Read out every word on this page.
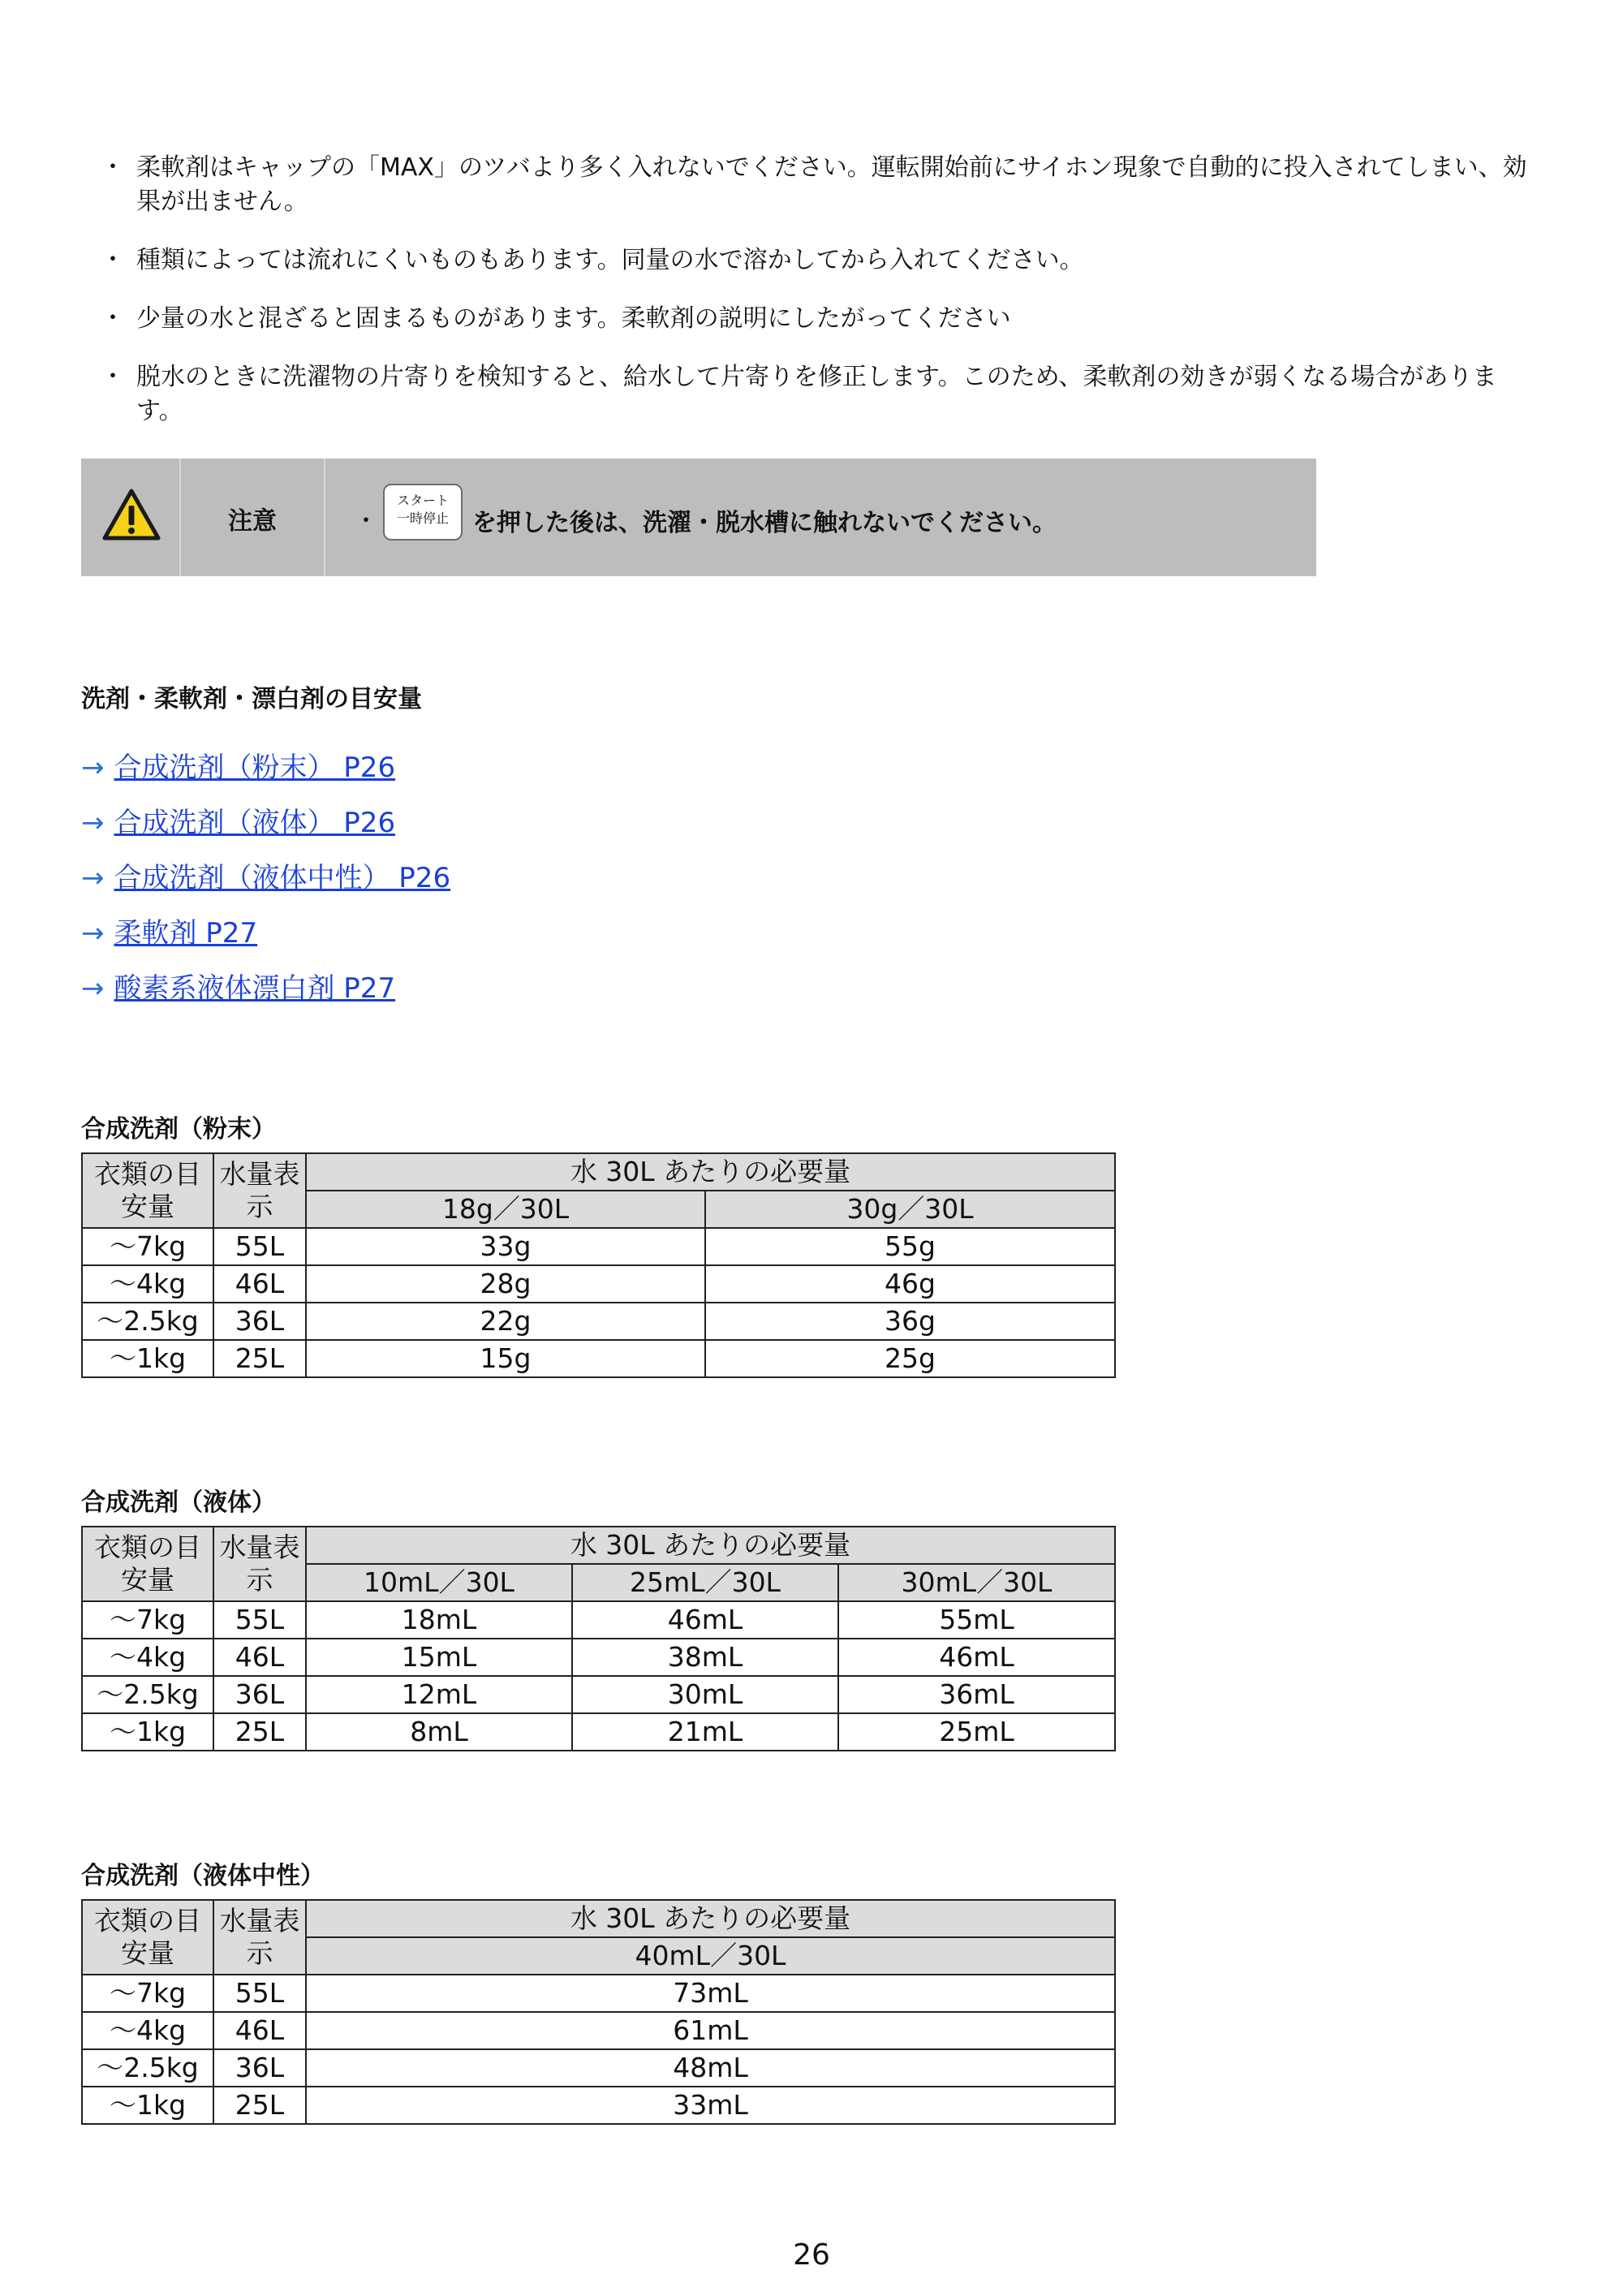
・ 柔軟剤はキャップの「MAX」のツバより多く入れないでください。運転開始前にサイホン現象で自動的に投入されてしまい、効果が出ません。
・ 種類によっては流れにくいものもあります。同量の水で溶かしてから入れてください。
・ 少量の水と混ざると固まるものがあります。柔軟剤の説明にしたがってください
・ 脱水のときに洗濯物の片寄りを検知すると、給水して片寄りを修正します。このため、柔軟剤の効きが弱くなる場合があります。
注意	・
スタート
一時停止 を押した後は、洗濯・脱水槽に触れないでください。
洗剤・柔軟剤・漂白剤の目安量
→ 合成洗剤（粉末） P26
→ 合成洗剤（液体） P26
→ 合成洗剤（液体中性） P26
→ 柔軟剤 P27
→ 酸素系液体漂白剤 P27
合成洗剤（粉末）
衣類の目安量	水量表示	水 30L あたりの必要量	
		18g／30L	30g／30L
～7kg	55L	33g	55g
～4kg	46L	28g	46g
～2.5kg	36L	22g	36g
～1kg	25L	15g	25g
合成洗剤（液体）
衣類の目安量	水量表示	水 30L あたりの必要量		
		10mL／30L	25mL／30L	30mL／30L
～7kg	55L	18mL	46mL	55mL
～4kg	46L	15mL	38mL	46mL
～2.5kg	36L	12mL	30mL	36mL
～1kg	25L	8mL	21mL	25mL
合成洗剤（液体中性）
衣類の目安量	水量表示	水 30L あたりの必要量
		40mL／30L
～7kg	55L	73mL
～4kg	46L	61mL
～2.5kg	36L	48mL
～1kg	25L	33mL
26
